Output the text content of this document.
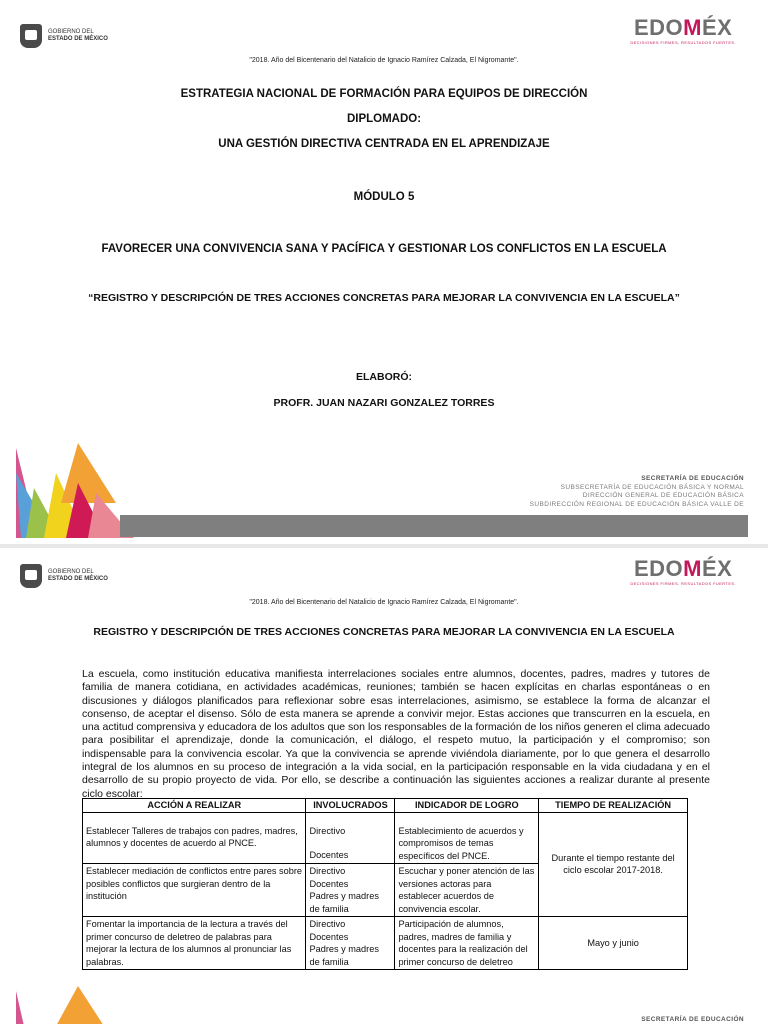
GOBIERNO DEL
ESTADO DE MÉXICO	EDOMÉX
DECISIONES FIRMES, RESULTADOS FUERTES.
"2018. Año del Bicentenario del Natalicio de Ignacio Ramírez Calzada, El Nigromante".
ESTRATEGIA NACIONAL DE FORMACIÓN PARA EQUIPOS DE DIRECCIÓN
DIPLOMADO:
UNA GESTIÓN DIRECTIVA CENTRADA EN EL APRENDIZAJE
MÓDULO 5
FAVORECER UNA CONVIVENCIA SANA Y PACÍFICA Y GESTIONAR LOS CONFLICTOS EN LA ESCUELA
“REGISTRO Y DESCRIPCIÓN DE TRES ACCIONES CONCRETAS PARA MEJORAR LA CONVIVENCIA EN LA ESCUELA”
ELABORÓ:
PROFR. JUAN NAZARI GONZALEZ TORRES
SECRETARÍA DE EDUCACIÓN
SUBSECRETARÍA DE EDUCACIÓN BÁSICA Y NORMAL
DIRECCIÓN GENERAL DE EDUCACIÓN BÁSICA
SUBDIRECCIÓN REGIONAL DE EDUCACIÓN BÁSICA VALLE DE
GOBIERNO DEL
ESTADO DE MÉXICO	EDOMÉX
DECISIONES FIRMES, RESULTADOS FUERTES.
"2018. Año del Bicentenario del Natalicio de Ignacio Ramírez Calzada, El Nigromante".
REGISTRO Y DESCRIPCIÓN DE TRES ACCIONES CONCRETAS PARA MEJORAR LA CONVIVENCIA EN LA ESCUELA
La escuela, como institución educativa manifiesta interrelaciones sociales entre alumnos, docentes, padres, madres y tutores de familia de manera cotidiana, en actividades académicas, reuniones; también se hacen explícitas en charlas espontáneas o en discusiones y diálogos planificados para reflexionar sobre esas interrelaciones, asimismo, se establece la forma de alcanzar el consenso, de aceptar el disenso. Sólo de esta manera se aprende a convivir mejor. Estas acciones que transcurren en la escuela, en una actitud comprensiva y educadora de los adultos que son los responsables de la formación de los niños generen el clima adecuado para posibilitar el aprendizaje, donde la comunicación, el diálogo, el respeto mutuo, la participación y el compromiso; son indispensable para la convivencia escolar. Ya que la convivencia se aprende viviéndola diariamente, por lo que genera el desarrollo integral de los alumnos en su proceso de integración a la vida social, en la participación responsable en la vida ciudadana y en el desarrollo de su propio proyecto de vida. Por ello, se describe a continuación las siguientes acciones a realizar durante al presente ciclo escolar:
ACCIÓN A REALIZAR	INVOLUCRADOS	INDICADOR DE LOGRO	TIEMPO DE REALIZACIÓN
Establecer Talleres de trabajos con padres, madres, alumnos y docentes de acuerdo al PNCE.	Directivo
Docentes	Establecimiento de acuerdos y compromisos de temas específicos del PNCE.	Durante el tiempo restante del ciclo escolar 2017-2018.
Establecer mediación de conflictos entre pares sobre posibles conflictos que surgieran dentro de la institución	Directivo
Docentes
Padres y madres de familia	Escuchar y poner atención de las versiones actoras para establecer acuerdos de convivencia escolar.	
Fomentar la importancia de la lectura a través del primer concurso de deletreo de palabras para mejorar la lectura de los alumnos al pronunciar las palabras.	Directivo
Docentes
Padres y madres de familia	Participación de alumnos, padres, madres de familia y docentes para la realización del primer concurso de deletreo	Mayo y junio
SECRETARÍA DE EDUCACIÓN
